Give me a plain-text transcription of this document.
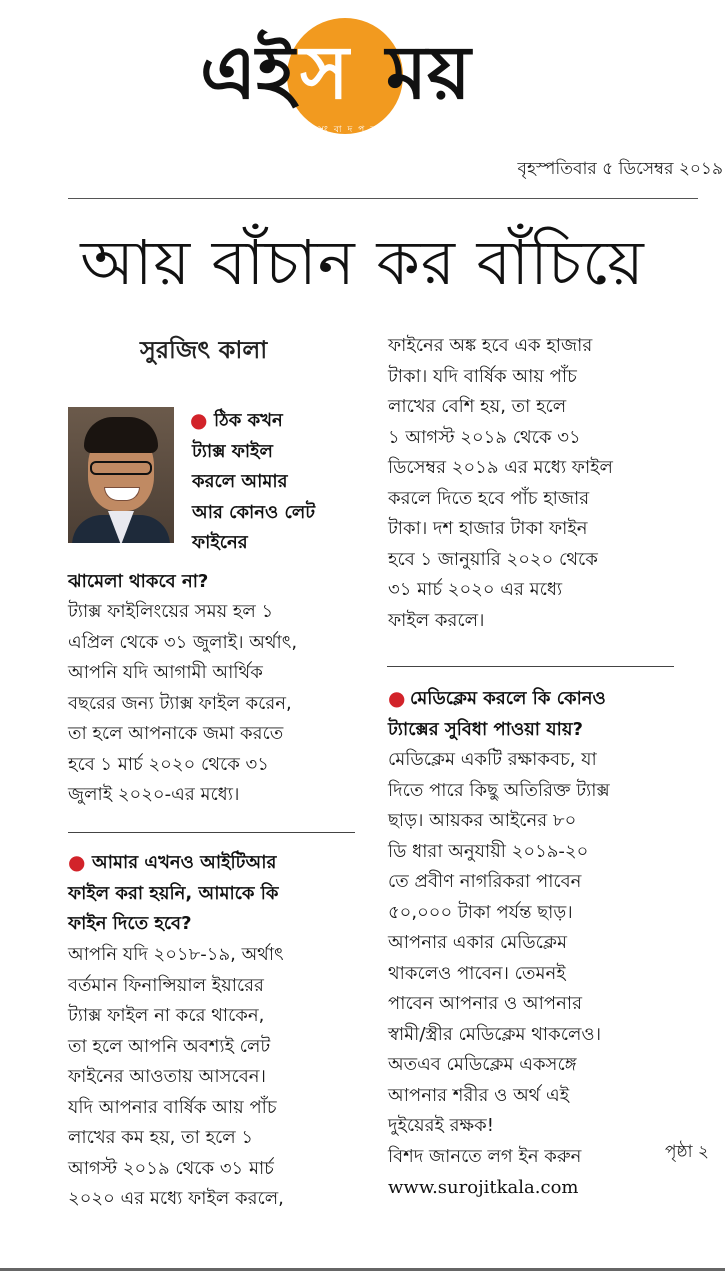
এই স ময়
সংবাদপত্র
বৃহস্পতিবার ৫ ডিসেম্বর ২০১৯
আয় বাঁচান কর বাঁচিয়ে
সুরজিৎ কালা
● ঠিক কখন
ট্যাক্স ফাইল
করলে আমার
আর কোনও লেট
ফাইনের
ঝামেলা থাকবে না?
ট্যাক্স ফাইলিংয়ের সময় হল ১
এপ্রিল থেকে ৩১ জুলাই। অর্থাৎ,
আপনি যদি আগামী আর্থিক
বছরের জন্য ট্যাক্স ফাইল করেন,
তা হলে আপনাকে জমা করতে
হবে ১ মার্চ ২০২০ থেকে ৩১
জুলাই ২০২০-এর মধ্যে।
● আমার এখনও আইটিআর
ফাইল করা হয়নি, আমাকে কি
ফাইন দিতে হবে?
আপনি যদি ২০১৮-১৯, অর্থাৎ
বর্তমান ফিনান্সিয়াল ইয়ারের
ট্যাক্স ফাইল না করে থাকেন,
তা হলে আপনি অবশ্যই লেট
ফাইনের আওতায় আসবেন।
যদি আপনার বার্ষিক আয় পাঁচ
লাখের কম হয়, তা হলে ১
আগস্ট ২০১৯ থেকে ৩১ মার্চ
২০২০ এর মধ্যে ফাইল করলে,
ফাইনের অঙ্ক হবে এক হাজার
টাকা। যদি বার্ষিক আয় পাঁচ
লাখের বেশি হয়, তা হলে
১ আগস্ট ২০১৯ থেকে ৩১
ডিসেম্বর ২০১৯ এর মধ্যে ফাইল
করলে দিতে হবে পাঁচ হাজার
টাকা। দশ হাজার টাকা ফাইন
হবে ১ জানুয়ারি ২০২০ থেকে
৩১ মার্চ ২০২০ এর মধ্যে
ফাইল করলে।
● মেডিক্লেম করলে কি কোনও
ট্যাক্সের সুবিধা পাওয়া যায়?
মেডিক্লেম একটি রক্ষাকবচ, যা
দিতে পারে কিছু অতিরিক্ত ট্যাক্স
ছাড়। আয়কর আইনের ৮০
ডি ধারা অনুযায়ী ২০১৯-২০
তে প্রবীণ নাগরিকরা পাবেন
৫০,০০০ টাকা পর্যন্ত ছাড়।
আপনার একার মেডিক্লেম
থাকলেও পাবেন। তেমনই
পাবেন আপনার ও আপনার
স্বামী/স্ত্রীর মেডিক্লেম থাকলেও।
অতএব মেডিক্লেম একসঙ্গে
আপনার শরীর ও অর্থ এই
দুইয়েরই রক্ষক!
বিশদ জানতে লগ ইন করুন
www.surojitkala.com
পৃষ্ঠা ২
